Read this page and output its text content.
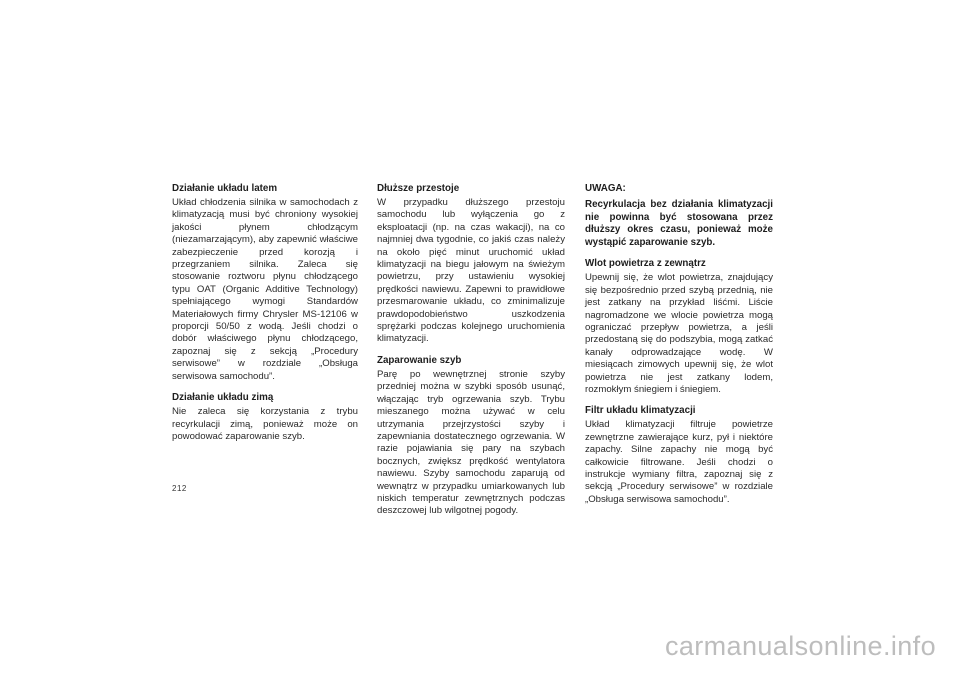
Działanie układu latem

Układ chłodzenia silnika w samochodach z klimatyzacją musi być chroniony wysokiej jakości płynem chłodzącym (niezamarzającym), aby zapewnić właściwe zabezpieczenie przed korozją i przegrzaniem silnika. Zaleca się stosowanie roztworu płynu chłodzącego typu OAT (Organic Additive Technology) spełniającego wymogi Standardów Materiałowych firmy Chrysler MS-12106 w proporcji 50/50 z wodą. Jeśli chodzi o dobór właściwego płynu chłodzącego, zapoznaj się z sekcją „Procedury serwisowe” w rozdziale „Obsługa serwisowa samochodu”.

Działanie układu zimą

Nie zaleca się korzystania z trybu recyrkulacji zimą, ponieważ może on powodować zaparowanie szyb.

Dłuższe przestoje

W przypadku dłuższego przestoju samochodu lub wyłączenia go z eksploatacji (np. na czas wakacji), na co najmniej dwa tygodnie, co jakiś czas należy na około pięć minut uruchomić układ klimatyzacji na biegu jałowym na świeżym powietrzu, przy ustawieniu wysokiej prędkości nawiewu. Zapewni to prawidłowe przesmarowanie układu, co zminimalizuje prawdopodobieństwo uszkodzenia sprężarki podczas kolejnego uruchomienia klimatyzacji.

Zaparowanie szyb

Parę po wewnętrznej stronie szyby przedniej można w szybki sposób usunąć, włączając tryb ogrzewania szyb. Trybu mieszanego można używać w celu utrzymania przejrzystości szyby i zapewniania dostatecznego ogrzewania. W razie pojawiania się pary na szybach bocznych, zwiększ prędkość wentylatora nawiewu. Szyby samochodu zaparują od wewnątrz w przypadku umiarkowanych lub niskich temperatur zewnętrznych podczas deszczowej lub wilgotnej pogody.

UWAGA:

Recyrkulacja bez działania klimatyzacji nie powinna być stosowana przez dłuższy okres czasu, ponieważ może wystąpić zaparowanie szyb.

Wlot powietrza z zewnątrz

Upewnij się, że wlot powietrza, znajdujący się bezpośrednio przed szybą przednią, nie jest zatkany na przykład liśćmi. Liście nagromadzone we wlocie powietrza mogą ograniczać przepływ powietrza, a jeśli przedostaną się do podszybia, mogą zatkać kanały odprowadzające wodę. W miesiącach zimowych upewnij się, że wlot powietrza nie jest zatkany lodem, rozmokłym śniegiem i śniegiem.

Filtr układu klimatyzacji

Układ klimatyzacji filtruje powietrze zewnętrzne zawierające kurz, pył i niektóre zapachy. Silne zapachy nie mogą być całkowicie filtrowane. Jeśli chodzi o instrukcje wymiany filtra, zapoznaj się z sekcją „Procedury serwisowe” w rozdziale „Obsługa serwisowa samochodu”.

212
carmanualsonline.info
